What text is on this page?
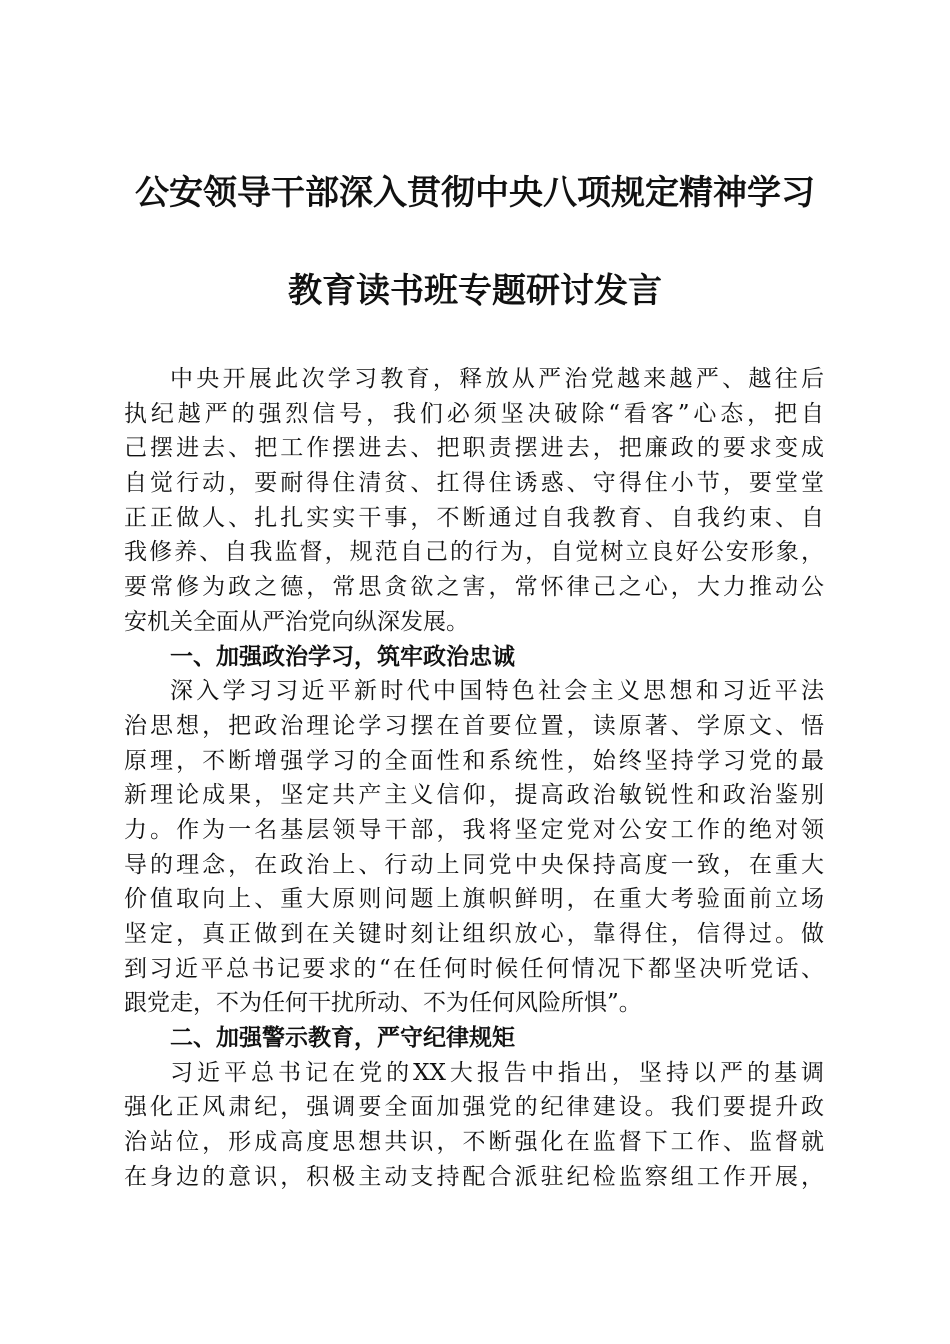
公安领导干部深入贯彻中央八项规定精神学习
教育读书班专题研讨发言
中央开展此次学习教育，释放从严治党越来越严、越往后
执纪越严的强烈信号，我们必须坚决破除“看客”心态，把自
己摆进去、把工作摆进去、把职责摆进去，把廉政的要求变成
自觉行动，要耐得住清贫、扛得住诱惑、守得住小节，要堂堂
正正做人、扎扎实实干事，不断通过自我教育、自我约束、自
我修养、自我监督，规范自己的行为，自觉树立良好公安形象，
要常修为政之德，常思贪欲之害，常怀律己之心，大力推动公
安机关全面从严治党向纵深发展。
一、加强政治学习，筑牢政治忠诚
深入学习习近平新时代中国特色社会主义思想和习近平法
治思想，把政治理论学习摆在首要位置，读原著、学原文、悟
原理，不断增强学习的全面性和系统性，始终坚持学习党的最
新理论成果，坚定共产主义信仰，提高政治敏锐性和政治鉴别
力。作为一名基层领导干部，我将坚定党对公安工作的绝对领
导的理念，在政治上、行动上同党中央保持高度一致，在重大
价值取向上、重大原则问题上旗帜鲜明，在重大考验面前立场
坚定，真正做到在关键时刻让组织放心，靠得住，信得过。做
到习近平总书记要求的“在任何时候任何情况下都坚决听党话、
跟党走，不为任何干扰所动、不为任何风险所惧”。
二、加强警示教育，严守纪律规矩
习近平总书记在党的XX大报告中指出，坚持以严的基调
强化正风肃纪，强调要全面加强党的纪律建设。我们要提升政
治站位，形成高度思想共识，不断强化在监督下工作、监督就
在身边的意识，积极主动支持配合派驻纪检监察组工作开展，
